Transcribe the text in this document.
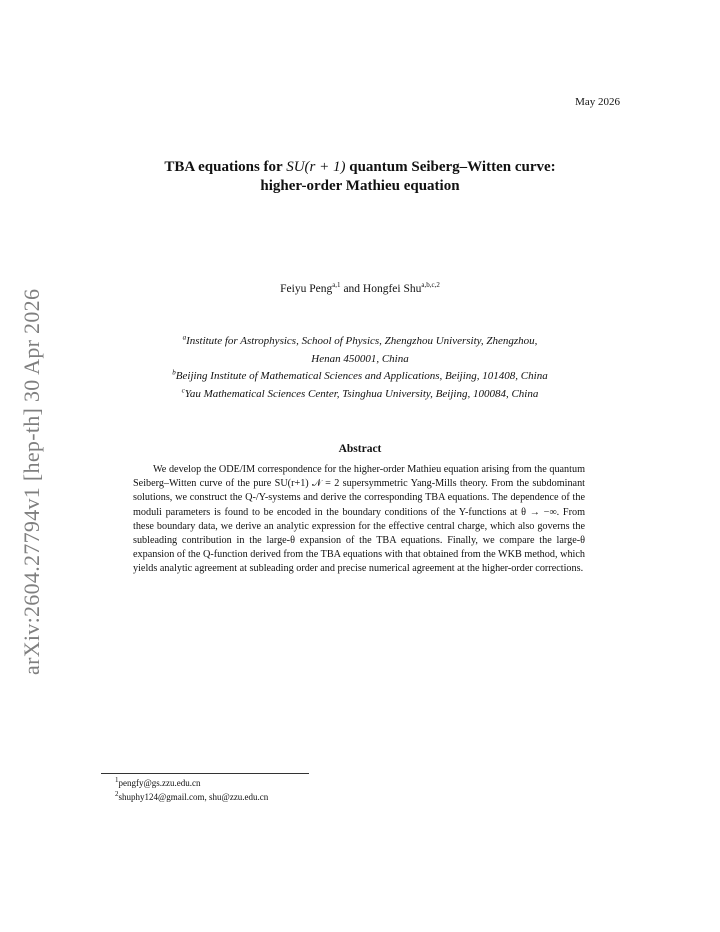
arXiv:2604.27794v1 [hep-th] 30 Apr 2026
May 2026
TBA equations for SU(r + 1) quantum Seiberg–Witten curve:
higher-order Mathieu equation
Feiyu Peng$^{a,1}$ and Hongfei Shu$^{a,b,c,2}$
$^a$Institute for Astrophysics, School of Physics, Zhengzhou University, Zhengzhou,
Henan 450001, China
$^b$Beijing Institute of Mathematical Sciences and Applications, Beijing, 101408, China
$^c$Yau Mathematical Sciences Center, Tsinghua University, Beijing, 100084, China
Abstract
We develop the ODE/IM correspondence for the higher-order Mathieu equation arising from the quantum Seiberg–Witten curve of the pure SU(r+1) 𝒩 = 2 supersymmetric Yang-Mills theory. From the subdominant solutions, we construct the Q-/Y-systems and derive the corresponding TBA equations. The dependence of the moduli parameters is found to be encoded in the boundary conditions of the Y-functions at θ → −∞. From these boundary data, we derive an analytic expression for the effective central charge, which also governs the subleading contribution in the large-θ expansion of the TBA equations. Finally, we compare the large-θ expansion of the Q-function derived from the TBA equations with that obtained from the WKB method, which yields analytic agreement at subleading order and precise numerical agreement at the higher-order corrections.
$^1$pengfy@gs.zzu.edu.cn
$^2$shuphy124@gmail.com, shu@zzu.edu.cn
